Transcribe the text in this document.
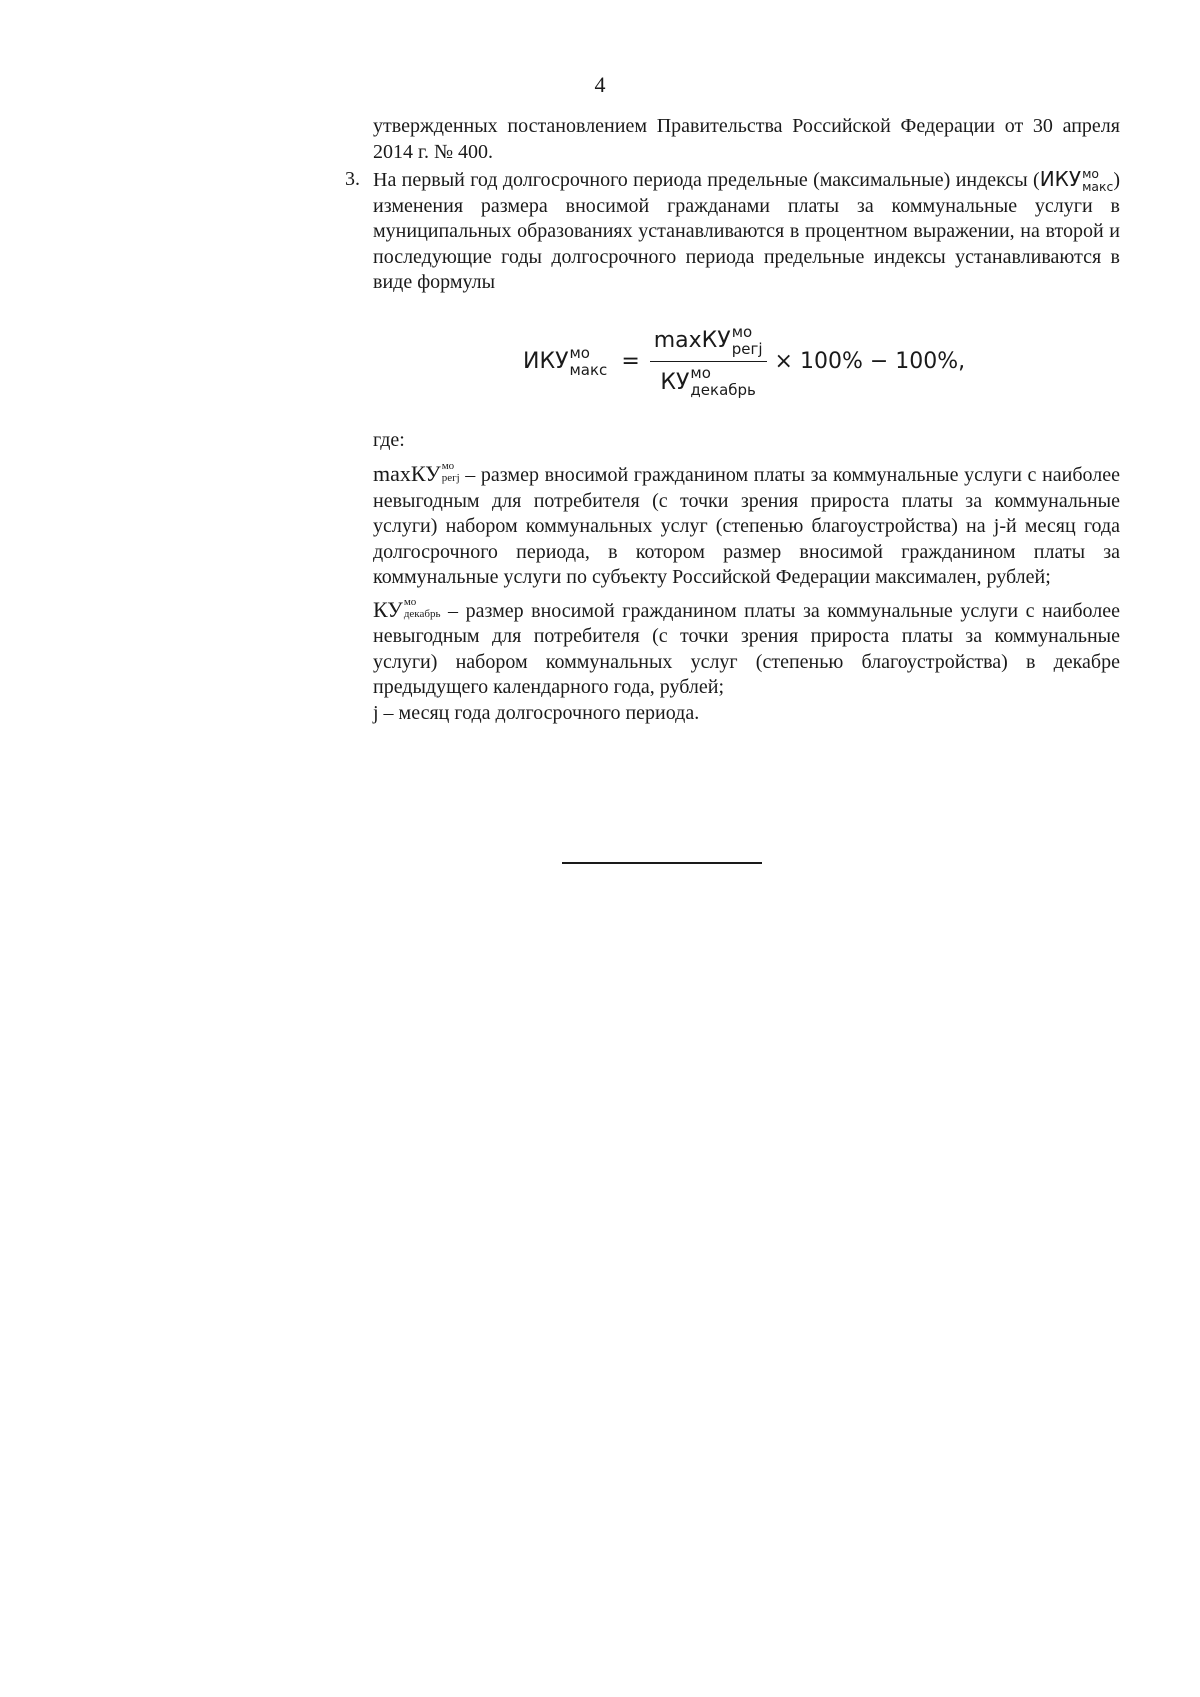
4

утвержденных постановлением Правительства Российской Федерации от 30 апреля 2014 г. № 400.

3. На первый год долгосрочного периода предельные (максимальные) индексы (ИКУ мо
макс ) изменения размера вносимой гражданами платы за коммунальные услуги в муниципальных образованиях устанавливаются в процентном выражении, на второй и последующие годы долгосрочного периода предельные индексы устанавливаются в виде формулы

ИКУ мо
макс = maxКУ мо
регj
КУ мо
декабрь × 100% − 100%,

где:

maxКУ мо
регj – размер вносимой гражданином платы за коммунальные услуги с наиболее невыгодным для потребителя (с точки зрения прироста платы за коммунальные услуги) набором коммунальных услуг (степенью благоустройства) на j-й месяц года долгосрочного периода, в котором размер вносимой гражданином платы за коммунальные услуги по субъекту Российской Федерации максимален, рублей;

КУ мо
декабрь – размер вносимой гражданином платы за коммунальные услуги с наиболее невыгодным для потребителя (с точки зрения прироста платы за коммунальные услуги) набором коммунальных услуг (степенью благоустройства) в декабре предыдущего календарного года, рублей;

j – месяц года долгосрочного периода.
